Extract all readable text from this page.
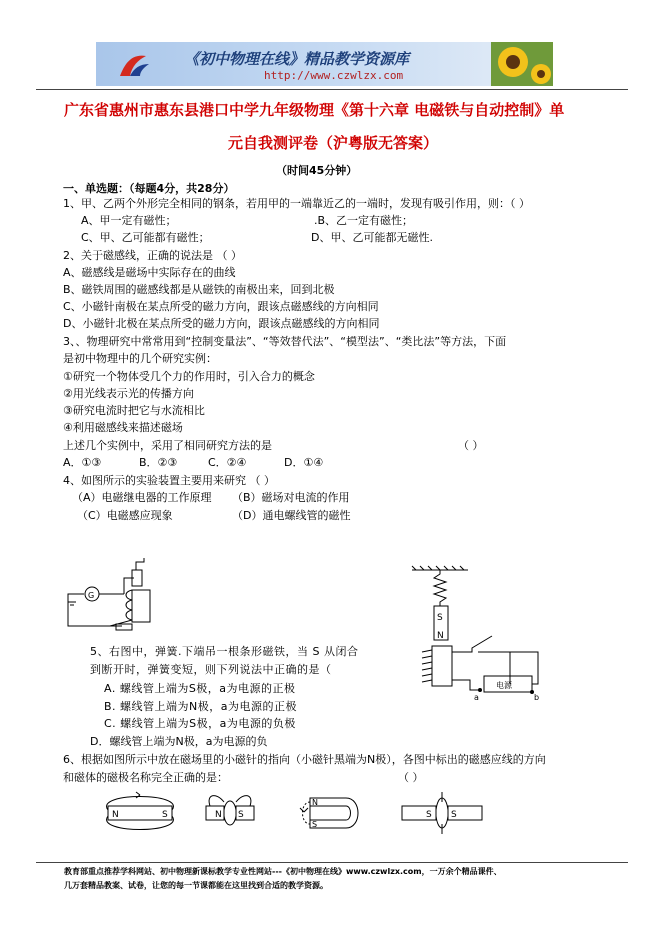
《初中物理在线》精品教学资源库
http://www.czwlzx.com
广东省惠州市惠东县港口中学九年级物理《第十六章 电磁铁与自动控制》单
元自我测评卷（沪粤版无答案）
（时间45分钟）
一、单选题：（每题4分，共28分）
1、甲、乙两个外形完全相同的钢条，若用甲的一端靠近乙的一端时，发现有吸引作用，则：（ ）
A、甲一定有磁性；	.B、乙一定有磁性；
C、甲、乙可能都有磁性；	D、甲、乙可能都无磁性.
2、关于磁感线，正确的说法是 （ ）
A、磁感线是磁场中实际存在的曲线
B、磁铁周围的磁感线都是从磁铁的南极出来，回到北极
C、小磁针南极在某点所受的磁力方向，跟该点磁感线的方向相同
D、小磁针北极在某点所受的磁力方向，跟该点磁感线的方向相同
3、、物理研究中常常用到“控制变量法”、“等效替代法”、“模型法”、“类比法”等方法，下面
是初中物理中的几个研究实例：
①研究一个物体受几个力的作用时，引入合力的概念
②用光线表示光的传播方向
③研究电流时把它与水流相比
④利用磁感线来描述磁场
上述几个实例中，采用了相同研究方法的是	（ ）
A．①③	B．②③	C．②④	D．①④
4、如图所示的实验装置主要用来研究 （ ）
（A）电磁继电器的工作原理 （B）磁场对电流的作用
（C）电磁感应现象	（D）通电螺线管的磁性
G
5、右图中，弹簧.下端吊一根条形磁铁，当 S 从闭合
到断开时，弹簧变短，则下列说法中正确的是（
A. 螺线管上端为S极，a为电源的正极
B. 螺线管上端为N极，a为电源的正极
C. 螺线管上端为S极，a为电源的负极
D．螺线管上端为N极，a为电源的负
S
N
电源
a	b
6、根据如图所示中放在磁场里的小磁针的指向（小磁针黑端为N极），各图中标出的磁感应线的方向
和磁体的磁极名称完全正确的是：	（ ）
N	S	N S
N
S
S S
教育部重点推荐学科网站、初中物理新课标教学专业性网站---《初中物理在线》www.czwlzx.com，一万余个精品课件、
几万套精品教案、试卷，让您的每一节课都能在这里找到合适的教学资源。
